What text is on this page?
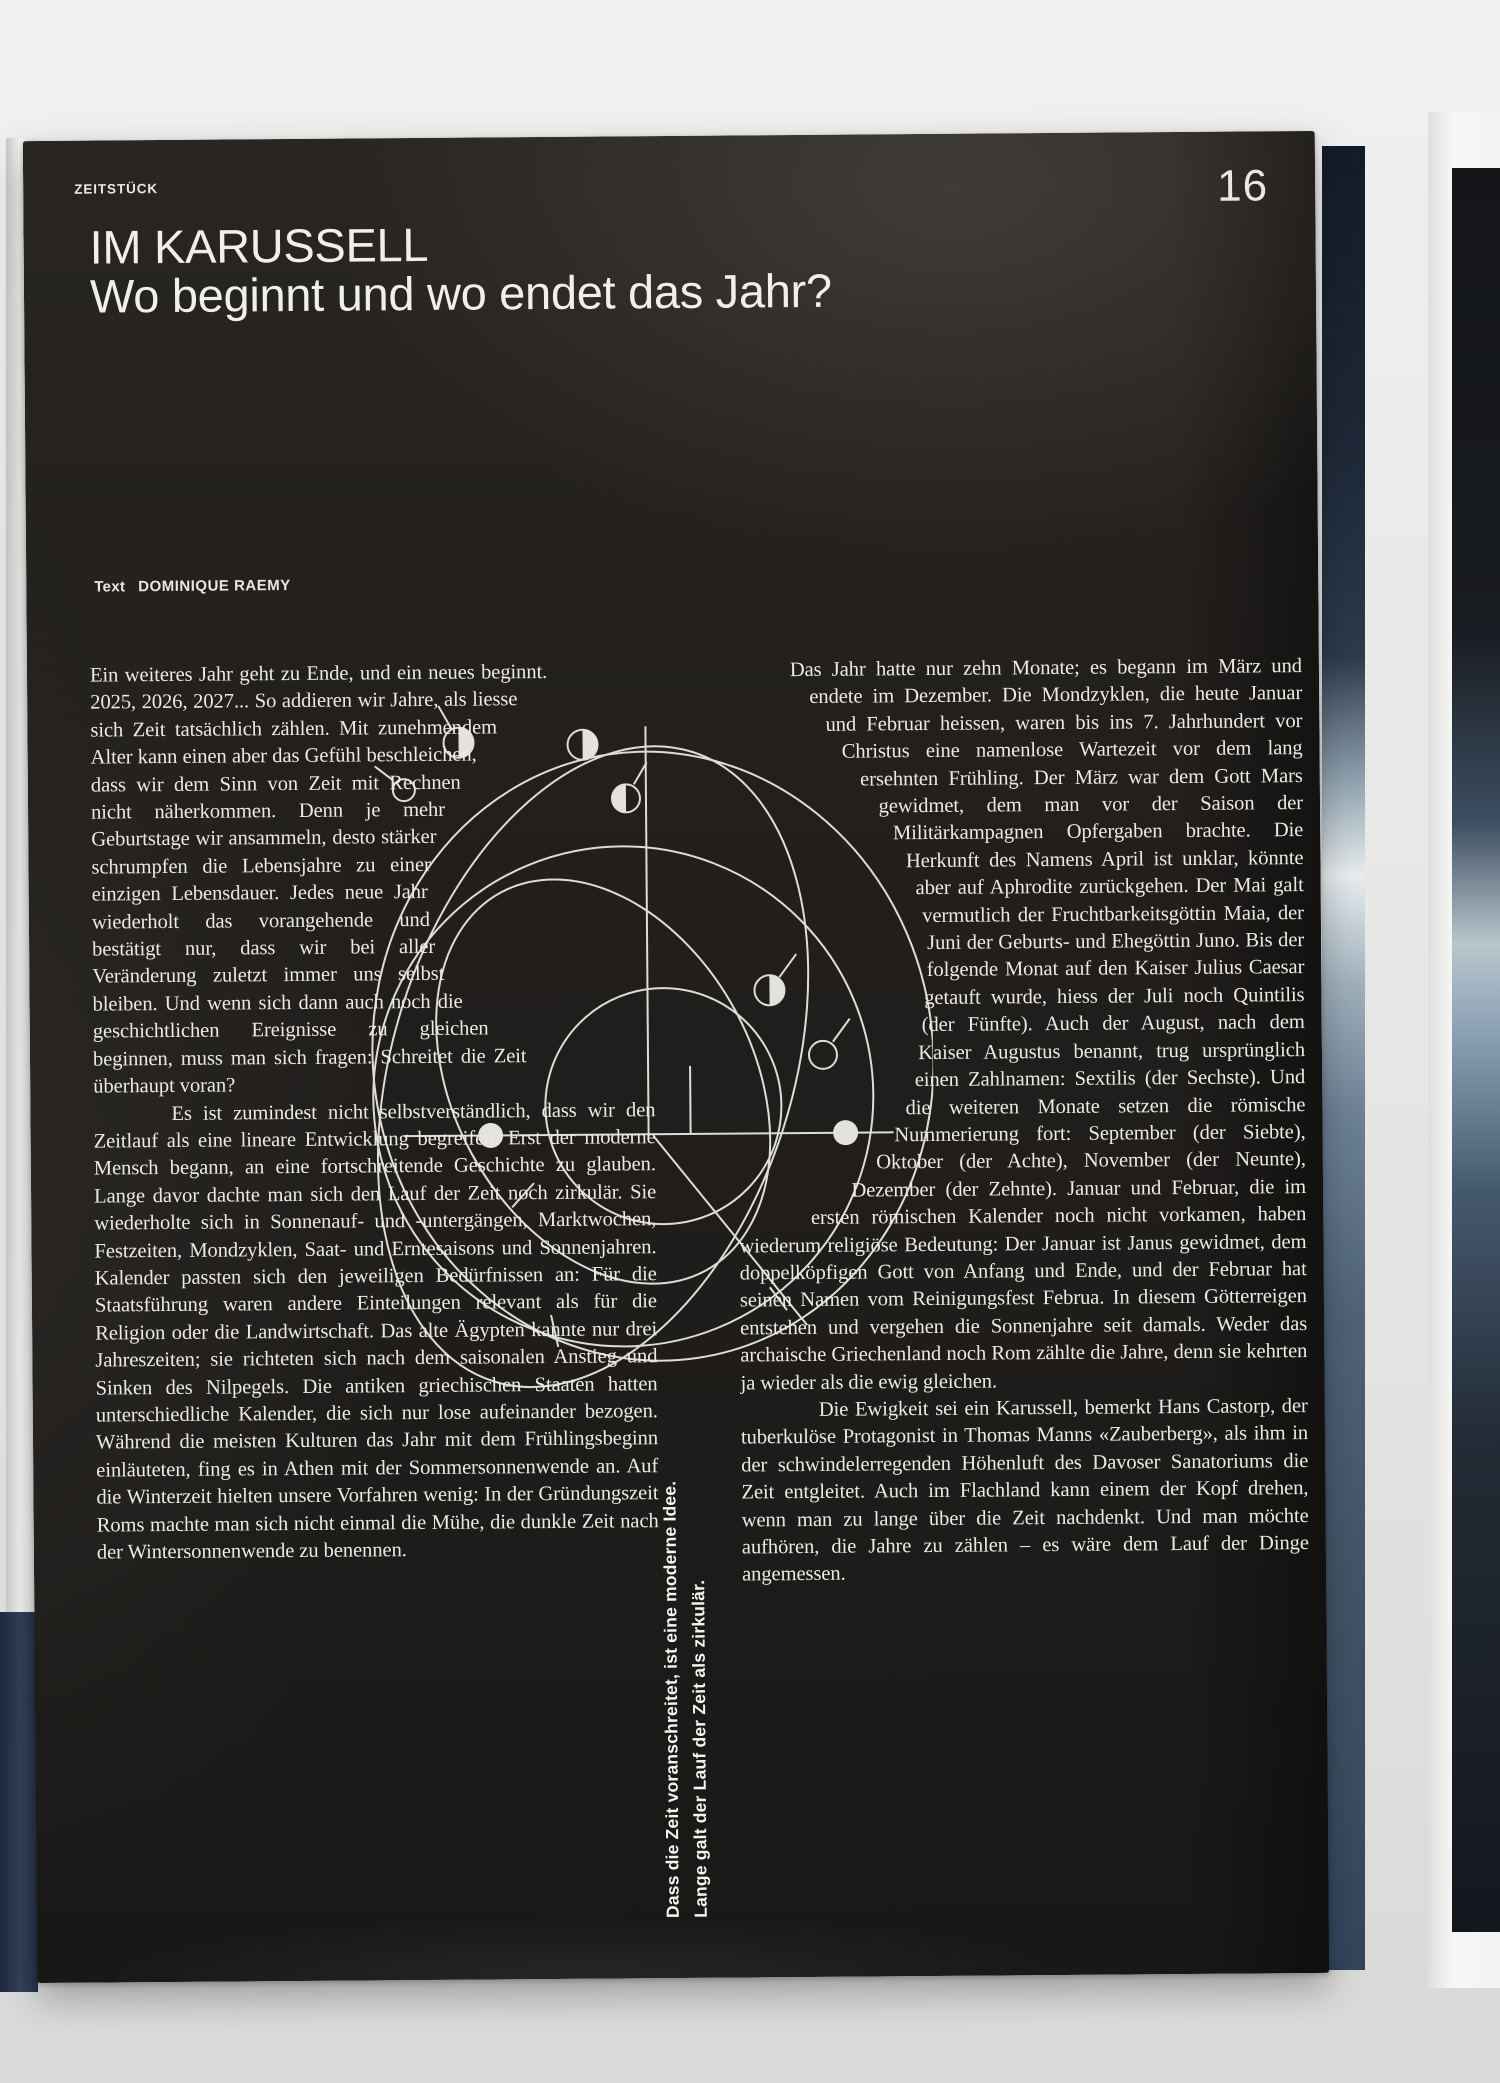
ZEITSTÜCK	16
IM KARUSSELL
Wo beginnt und wo endet das Jahr?
Text DOMINIQUE RAEMY

Ein weiteres Jahr geht zu Ende, und ein neues beginnt. 2025, 2026, 2027... So addieren wir Jahre, als liesse sich Zeit tatsächlich zählen. Mit zunehmendem Alter kann einen aber das Gefühl beschleichen, dass wir dem Sinn von Zeit mit Rechnen nicht näherkommen. Denn je mehr Geburtstage wir ansammeln, desto stärker schrumpfen die Lebensjahre zu einer einzigen Lebensdauer. Jedes neue Jahr wiederholt das vorangehende und bestätigt nur, dass wir bei aller Veränderung zuletzt immer uns selbst bleiben. Und wenn sich dann auch noch die geschichtlichen Ereignisse zu gleichen beginnen, muss man sich fragen: Schreitet die Zeit überhaupt voran?

Es ist zumindest nicht selbstverständlich, dass wir den Zeitlauf als eine lineare Entwicklung begreifen. Erst der moderne Mensch begann, an eine fortschreitende Geschichte zu glauben. Lange davor dachte man sich den Lauf der Zeit noch zirkulär. Sie wiederholte sich in Sonnenauf- und -untergängen, Marktwochen, Festzeiten, Mondzyklen, Saat- und Erntesaisons und Sonnenjahren. Kalender passten sich den jeweiligen Bedürfnissen an: Für die Staatsführung waren andere Einteilungen relevant als für die Religion oder die Landwirtschaft. Das alte Ägypten kannte nur drei Jahreszeiten; sie richteten sich nach dem saisonalen Anstieg und Sinken des Nilpegels. Die antiken griechischen Staaten hatten unterschiedliche Kalender, die sich nur lose aufeinander bezogen. Während die meisten Kulturen das Jahr mit dem Frühlingsbeginn einläuteten, fing es in Athen mit der Sommersonnenwende an. Auf die Winterzeit hielten unsere Vorfahren wenig: In der Gründungszeit Roms machte man sich nicht einmal die Mühe, die dunkle Zeit nach der Wintersonnenwende zu benennen.

Das Jahr hatte nur zehn Monate; es begann im März und endete im Dezember. Die Mondzyklen, die heute Januar und Februar heissen, waren bis ins 7. Jahrhundert vor Christus eine namenlose Wartezeit vor dem lang ersehnten Frühling. Der März war dem Gott Mars gewidmet, dem man vor der Saison der Militärkampagnen Opfergaben brachte. Die Herkunft des Namens April ist unklar, könnte aber auf Aphrodite zurückgehen. Der Mai galt vermutlich der Fruchtbarkeitsgöttin Maia, der Juni der Geburts- und Ehegöttin Juno. Bis der folgende Monat auf den Kaiser Julius Caesar getauft wurde, hiess der Juli noch Quintilis (der Fünfte). Auch der August, nach dem Kaiser Augustus benannt, trug ursprünglich einen Zahlnamen: Sextilis (der Sechste). Und die weiteren Monate setzen die römische Nummerierung fort: September (der Siebte), Oktober (der Achte), November (der Neunte), Dezember (der Zehnte). Januar und Februar, die im ersten römischen Kalender noch nicht vorkamen, haben wiederum religiöse Bedeutung: Der Januar ist Janus gewidmet, dem doppelköpfigen Gott von Anfang und Ende, und der Februar hat seinen Namen vom Reinigungsfest Februa. In diesem Götterreigen entstehen und vergehen die Sonnenjahre seit damals. Weder das archaische Griechenland noch Rom zählte die Jahre, denn sie kehrten ja wieder als die ewig gleichen.

Die Ewigkeit sei ein Karussell, bemerkt Hans Castorp, der tuberkulöse Protagonist in Thomas Manns «Zauberberg», als ihm in der schwindelerregenden Höhenluft des Davoser Sanatoriums die Zeit entgleitet. Auch im Flachland kann einem der Kopf drehen, wenn man zu lange über die Zeit nachdenkt. Und man möchte aufhören, die Jahre zu zählen – es wäre dem Lauf der Dinge angemessen.

Dass die Zeit voranschreitet, ist eine moderne Idee. Lange galt der Lauf der Zeit als zirkulär.
